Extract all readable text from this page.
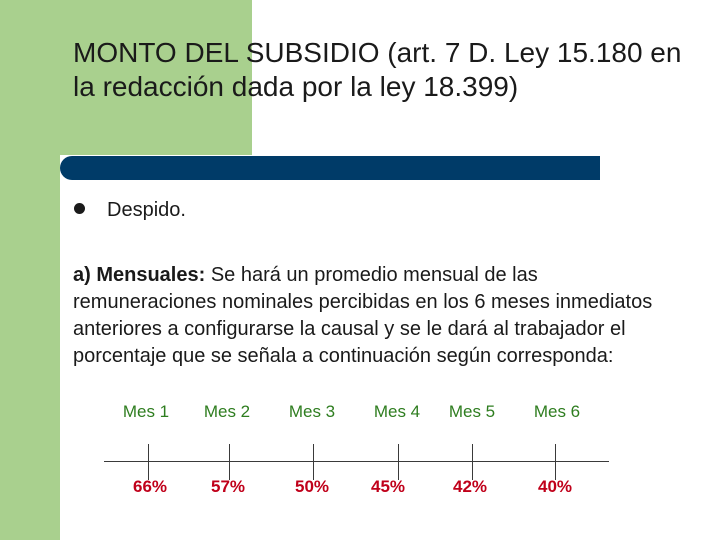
MONTO DEL SUBSIDIO (art. 7 D. Ley 15.180 en la redacción dada por la ley 18.399)
Despido.
a) Mensuales: Se hará un promedio mensual de las remuneraciones nominales percibidas en los 6 meses inmediatos anteriores a configurarse la causal y se le dará al trabajador el porcentaje que se señala a continuación según corresponda:
Mes 1	Mes 2	Mes 3	Mes 4	Mes 5	Mes 6
66%	57%	50%	45%	42%	40%
